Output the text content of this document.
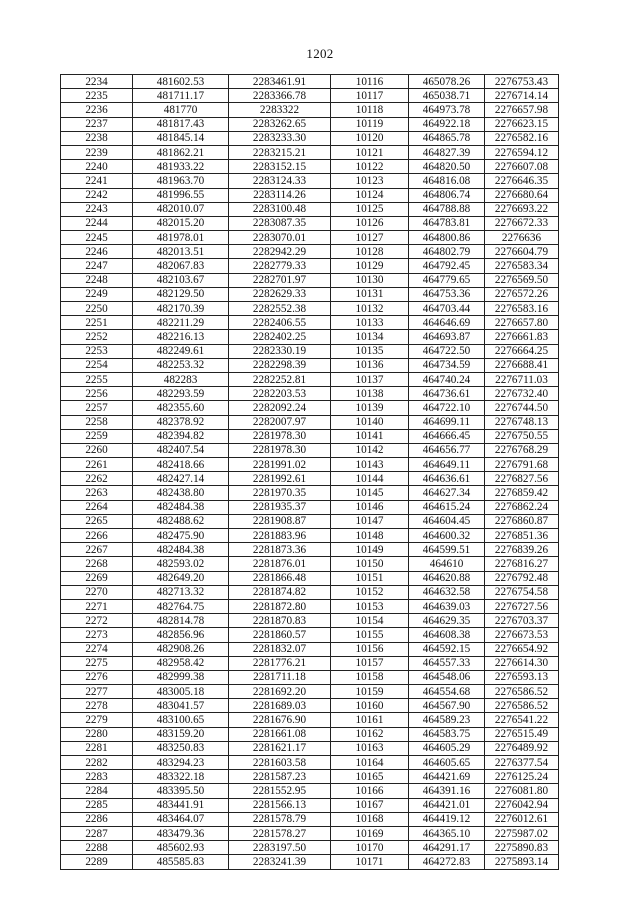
1202
2234	481602.53	2283461.91	10116	465078.26	2276753.43
2235	481711.17	2283366.78	10117	465038.71	2276714.14
2236	481770	2283322	10118	464973.78	2276657.98
2237	481817.43	2283262.65	10119	464922.18	2276623.15
2238	481845.14	2283233.30	10120	464865.78	2276582.16
2239	481862.21	2283215.21	10121	464827.39	2276594.12
2240	481933.22	2283152.15	10122	464820.50	2276607.08
2241	481963.70	2283124.33	10123	464816.08	2276646.35
2242	481996.55	2283114.26	10124	464806.74	2276680.64
2243	482010.07	2283100.48	10125	464788.88	2276693.22
2244	482015.20	2283087.35	10126	464783.81	2276672.33
2245	481978.01	2283070.01	10127	464800.86	2276636
2246	482013.51	2282942.29	10128	464802.79	2276604.79
2247	482067.83	2282779.33	10129	464792.45	2276583.34
2248	482103.67	2282701.97	10130	464779.65	2276569.50
2249	482129.50	2282629.33	10131	464753.36	2276572.26
2250	482170.39	2282552.38	10132	464703.44	2276583.16
2251	482211.29	2282406.55	10133	464646.69	2276657.80
2252	482216.13	2282402.25	10134	464693.87	2276661.83
2253	482249.61	2282330.19	10135	464722.50	2276664.25
2254	482253.32	2282298.39	10136	464734.59	2276688.41
2255	482283	2282252.81	10137	464740.24	2276711.03
2256	482293.59	2282203.53	10138	464736.61	2276732.40
2257	482355.60	2282092.24	10139	464722.10	2276744.50
2258	482378.92	2282007.97	10140	464699.11	2276748.13
2259	482394.82	2281978.30	10141	464666.45	2276750.55
2260	482407.54	2281978.30	10142	464656.77	2276768.29
2261	482418.66	2281991.02	10143	464649.11	2276791.68
2262	482427.14	2281992.61	10144	464636.61	2276827.56
2263	482438.80	2281970.35	10145	464627.34	2276859.42
2264	482484.38	2281935.37	10146	464615.24	2276862.24
2265	482488.62	2281908.87	10147	464604.45	2276860.87
2266	482475.90	2281883.96	10148	464600.32	2276851.36
2267	482484.38	2281873.36	10149	464599.51	2276839.26
2268	482593.02	2281876.01	10150	464610	2276816.27
2269	482649.20	2281866.48	10151	464620.88	2276792.48
2270	482713.32	2281874.82	10152	464632.58	2276754.58
2271	482764.75	2281872.80	10153	464639.03	2276727.56
2272	482814.78	2281870.83	10154	464629.35	2276703.37
2273	482856.96	2281860.57	10155	464608.38	2276673.53
2274	482908.26	2281832.07	10156	464592.15	2276654.92
2275	482958.42	2281776.21	10157	464557.33	2276614.30
2276	482999.38	2281711.18	10158	464548.06	2276593.13
2277	483005.18	2281692.20	10159	464554.68	2276586.52
2278	483041.57	2281689.03	10160	464567.90	2276586.52
2279	483100.65	2281676.90	10161	464589.23	2276541.22
2280	483159.20	2281661.08	10162	464583.75	2276515.49
2281	483250.83	2281621.17	10163	464605.29	2276489.92
2282	483294.23	2281603.58	10164	464605.65	2276377.54
2283	483322.18	2281587.23	10165	464421.69	2276125.24
2284	483395.50	2281552.95	10166	464391.16	2276081.80
2285	483441.91	2281566.13	10167	464421.01	2276042.94
2286	483464.07	2281578.79	10168	464419.12	2276012.61
2287	483479.36	2281578.27	10169	464365.10	2275987.02
2288	485602.93	2283197.50	10170	464291.17	2275890.83
2289	485585.83	2283241.39	10171	464272.83	2275893.14
